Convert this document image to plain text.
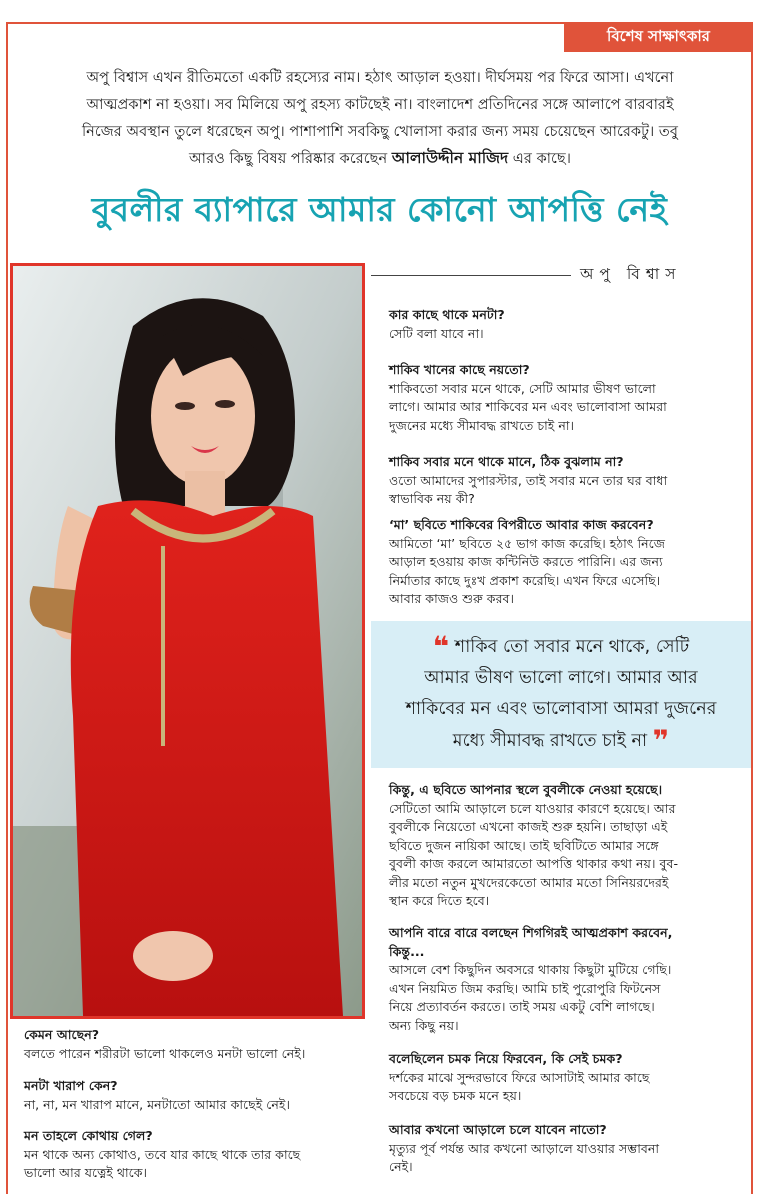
বিশেষ সাক্ষাৎকার
অপু বিশ্বাস এখন রীতিমতো একটি রহস্যের নাম। হঠাৎ আড়াল হওয়া। দীর্ঘসময় পর ফিরে আসা। এখনো
আত্মপ্রকাশ না হওয়া। সব মিলিয়ে অপু রহস্য কাটছেই না। বাংলাদেশ প্রতিদিনের সঙ্গে আলাপে বারবারই
নিজের অবস্থান তুলে ধরেছেন অপু। পাশাপাশি সবকিছু খোলাসা করার জন্য সময় চেয়েছেন আরেকটু। তবু
আরও কিছু বিষয় পরিষ্কার করেছেন আলাউদ্দীন মাজিদ এর কাছে।
বুবলীর ব্যাপারে আমার কোনো আপত্তি নেই
অপু বিশ্বাস
কার কাছে থাকে মনটা?
সেটি বলা যাবে না।
শাকিব খানের কাছে নয়তো?
শাকিবতো সবার মনে থাকে, সেটি আমার ভীষণ ভালো
লাগে। আমার আর শাকিবের মন এবং ভালোবাসা আমরা
দুজনের মধ্যে সীমাবদ্ধ রাখতে চাই না।
শাকিব সবার মনে থাকে মানে, ঠিক বুঝলাম না?
ওতো আমাদের সুপারস্টার, তাই সবার মনে তার ঘর বাধা
স্বাভাবিক নয় কী?
‘মা’ ছবিতে শাকিবের বিপরীতে আবার কাজ করবেন?
আমিতো ‘মা’ ছবিতে ২৫ ভাগ কাজ করেছি। হঠাৎ নিজে
আড়াল হওয়ায় কাজ কন্টিনিউ করতে পারিনি। এর জন্য
নির্মাতার কাছে দুঃখ প্রকাশ করেছি। এখন ফিরে এসেছি।
আবার কাজও শুরু করব।
❝ শাকিব তো সবার মনে থাকে, সেটি
আমার ভীষণ ভালো লাগে। আমার আর
শাকিবের মন এবং ভালোবাসা আমরা দুজনের
মধ্যে সীমাবদ্ধ রাখতে চাই না ❞
কিন্তু, এ ছবিতে আপনার স্থলে বুবলীকে নেওয়া হয়েছে।
সেটিতো আমি আড়ালে চলে যাওয়ার কারণে হয়েছে। আর
বুবলীকে নিয়েতো এখনো কাজই শুরু হয়নি। তাছাড়া এই
ছবিতে দুজন নায়িকা আছে। তাই ছবিটিতে আমার সঙ্গে
বুবলী কাজ করলে আমারতো আপত্তি থাকার কথা নয়। বুব-
লীর মতো নতুন মুখদেরকেতো আমার মতো সিনিয়রদেরই
স্থান করে দিতে হবে।
আপনি বারে বারে বলছেন শিগগিরই আত্মপ্রকাশ করবেন,
কিন্তু...
আসলে বেশ কিছুদিন অবসরে থাকায় কিছুটা মুটিয়ে গেছি।
এখন নিয়মিত জিম করছি। আমি চাই পুরোপুরি ফিটনেস
নিয়ে প্রত্যাবর্তন করতে। তাই সময় একটু বেশি লাগছে।
অন্য কিছু নয়।
বলেছিলেন চমক নিয়ে ফিরবেন, কি সেই চমক?
দর্শকের মাঝে সুন্দরভাবে ফিরে আসাটাই আমার কাছে
সবচেয়ে বড় চমক মনে হয়।
আবার কখনো আড়ালে চলে যাবেন নাতো?
মৃত্যুর পূর্ব পর্যন্ত আর কখনো আড়ালে যাওয়ার সম্ভাবনা
নেই।
কেমন আছেন?
বলতে পারেন শরীরটা ভালো থাকলেও মনটা ভালো নেই।
মনটা খারাপ কেন?
না, না, মন খারাপ মানে, মনটাতো আমার কাছেই নেই।
মন তাহলে কোথায় গেল?
মন থাকে অন্য কোথাও, তবে যার কাছে থাকে তার কাছে
ভালো আর যত্নেই থাকে।
